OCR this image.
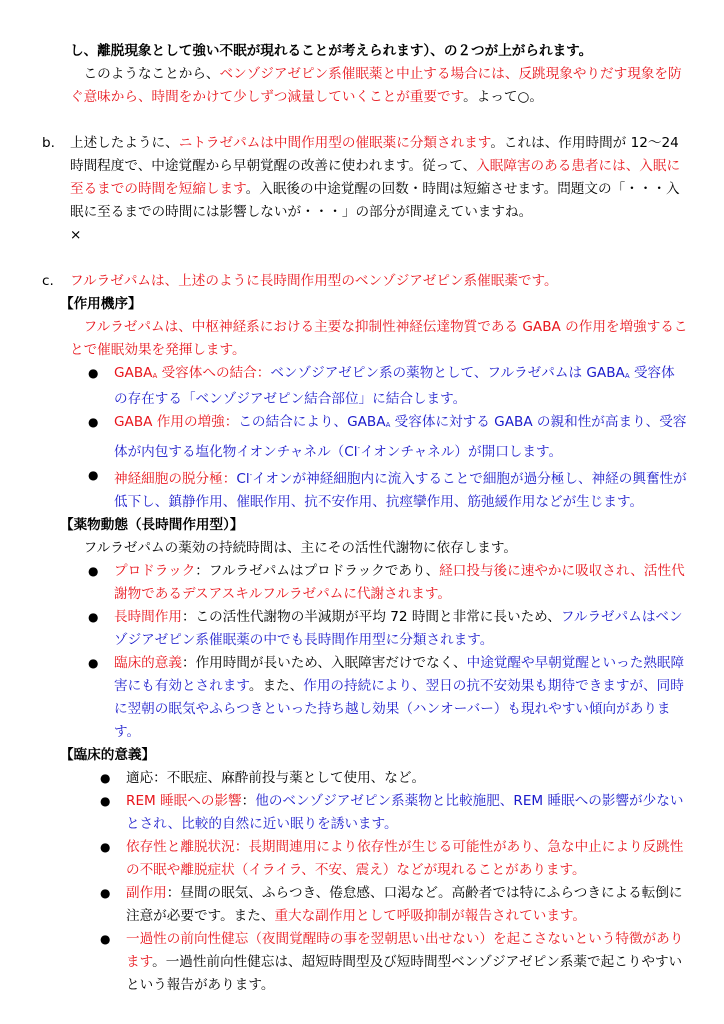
し、離脱現象として強い不眠が現れることが考えられます）、の２つが上がられます。

このようなことから、ベンゾジアゼピン系催眠薬と中止する場合には、反跳現象やりだす現象を防ぐ意味から、時間をかけて少しずつ減量していくことが重要です。よって○。

b. 上述したように、ニトラゼパムは中間作用型の催眠薬に分類されます。これは、作用時間が 12〜24 時間程度で、中途覚醒から早朝覚醒の改善に使われます。従って、入眠障害のある患者には、入眠に至るまでの時間を短縮します。入眠後の中途覚醒の回数・時間は短縮させます。問題文の「・・・入眠に至るまでの時間には影響しないが・・・」の部分が間違えていますね。

×

c. フルラゼパムは、上述のように長時間作用型のベンゾジアゼピン系催眠薬です。

【作用機序】

フルラゼパムは、中枢神経系における主要な抑制性神経伝達物質である GABA の作用を増強することで催眠効果を発揮します。

● $GABA_A$ 受容体への結合：ベンゾジアゼピン系の薬物として、フルラゼパムは $GABA_A$ 受容体の存在する「ベンゾジアゼピン結合部位」に結合します。
● GABA 作用の増強：この結合により、$GABA_A$ 受容体に対する GABA の親和性が高まり、受容体が内包する塩化物イオンチャネル（Cl-イオンチャネル）が開口します。
● 神経細胞の脱分極：Cl-イオンが神経細胞内に流入することで細胞が過分極し、神経の興奮性が低下し、鎮静作用、催眠作用、抗不安作用、抗痙攣作用、筋弛緩作用などが生じます。

【薬物動態（長時間作用型）】

フルラゼパムの薬効の持続時間は、主にその活性代謝物に依存します。

● プロドラック：フルラゼパムはプロドラックであり、経口投与後に速やかに吸収され、活性代謝物であるデスアスキルフルラゼパムに代謝されます。
● 長時間作用：この活性代謝物の半減期が平均 72 時間と非常に長いため、フルラゼパムはベンゾジアゼピン系催眠薬の中でも長時間作用型に分類されます。
● 臨床的意義：作用時間が長いため、入眠障害だけでなく、中途覚醒や早朝覚醒といった熟眠障害にも有効とされます。また、作用の持続により、翌日の抗不安効果も期待できますが、同時に翌朝の眠気やふらつきといった持ち越し効果（ハンオーバー）も現れやすい傾向があります。

【臨床的意義】

● 適応：不眠症、麻酔前投与薬として使用、など。
● REM 睡眠への影響：他のベンゾジアゼピン系薬物と比較施肥、REM 睡眠への影響が少ないとされ、比較的自然に近い眠りを誘います。
● 依存性と離脱状況：長期間連用により依存性が生じる可能性があり、急な中止により反跳性の不眠や離脱症状（イライラ、不安、震え）などが現れることがあります。
● 副作用：昼間の眠気、ふらつき、倦怠感、口渇など。高齢者では特にふらつきによる転倒に注意が必要です。また、重大な副作用として呼吸抑制が報告されています。
● 一過性の前向性健忘（夜間覚醒時の事を翌朝思い出せない）を起こさないという特徴があります。一過性前向性健忘は、超短時間型及び短時間型ベンゾジアゼピン系薬で起こりやすいという報告があります。
